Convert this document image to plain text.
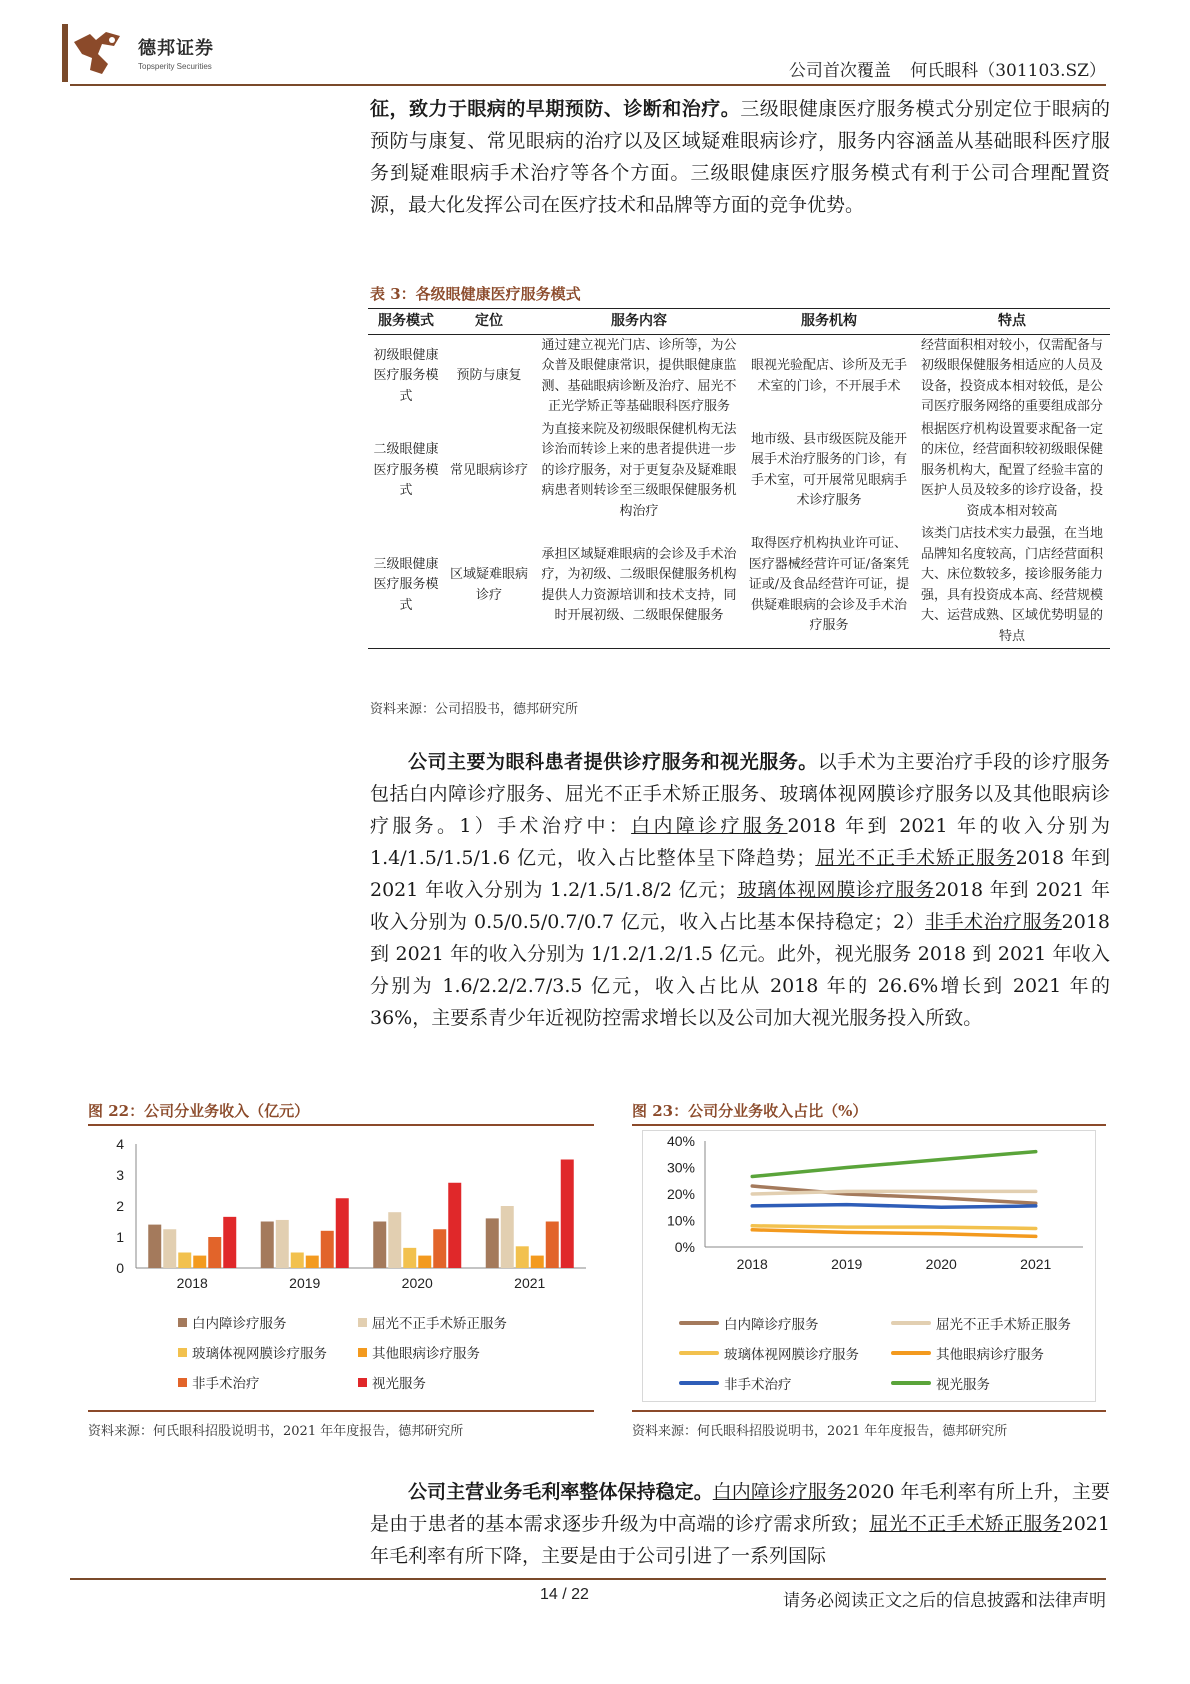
德邦证券
Topsperity Securities	公司首次覆盖 何氏眼科（301103.SZ）
征，致力于眼病的早期预防、诊断和治疗。三级眼健康医疗服务模式分别定位于眼病的预防与康复、常见眼病的治疗以及区域疑难眼病诊疗，服务内容涵盖从基础眼科医疗服务到疑难眼病手术治疗等各个方面。三级眼健康医疗服务模式有利于公司合理配置资源，最大化发挥公司在医疗技术和品牌等方面的竞争优势。
表 3：各级眼健康医疗服务模式
服务模式	定位	服务内容	服务机构	特点
初级眼健康医疗服务模式	预防与康复	通过建立视光门店、诊所等，为公众普及眼健康常识，提供眼健康监测、基础眼病诊断及治疗、屈光不正光学矫正等基础眼科医疗服务	眼视光验配店、诊所及无手术室的门诊，不开展手术	经营面积相对较小，仅需配备与初级眼保健服务相适应的人员及设备，投资成本相对较低，是公司医疗服务网络的重要组成部分
二级眼健康医疗服务模式	常见眼病诊疗	为直接来院及初级眼保健机构无法诊治而转诊上来的患者提供进一步的诊疗服务，对于更复杂及疑难眼病患者则转诊至三级眼保健服务机构治疗	地市级、县市级医院及能开展手术治疗服务的门诊，有手术室，可开展常见眼病手术诊疗服务	根据医疗机构设置要求配备一定的床位，经营面积较初级眼保健服务机构大，配置了经验丰富的医护人员及较多的诊疗设备，投资成本相对较高
三级眼健康医疗服务模式	区域疑难眼病诊疗	承担区域疑难眼病的会诊及手术治疗，为初级、二级眼保健服务机构提供人力资源培训和技术支持，同时开展初级、二级眼保健服务	取得医疗机构执业许可证、医疗器械经营许可证/备案凭证或/及食品经营许可证，提供疑难眼病的会诊及手术治疗服务	该类门店技术实力最强，在当地品牌知名度较高，门店经营面积大、床位数较多，接诊服务能力强，具有投资成本高、经营规模大、运营成熟、区域优势明显的特点
资料来源：公司招股书，德邦研究所
公司主要为眼科患者提供诊疗服务和视光服务。以手术为主要治疗手段的诊疗服务包括白内障诊疗服务、屈光不正手术矫正服务、玻璃体视网膜诊疗服务以及其他眼病诊疗服务。1）手术治疗中：白内障诊疗服务2018 年到 2021 年的收入分别为 1.4/1.5/1.5/1.6 亿元，收入占比整体呈下降趋势；屈光不正手术矫正服务2018 年到 2021 年收入分别为 1.2/1.5/1.8/2 亿元；玻璃体视网膜诊疗服务2018 年到 2021 年收入分别为 0.5/0.5/0.7/0.7 亿元，收入占比基本保持稳定；2）非手术治疗服务2018 到 2021 年的收入分别为 1/1.2/1.2/1.5 亿元。此外，视光服务 2018 到 2021 年收入分别为 1.6/2.2/2.7/3.5 亿元，收入占比从 2018 年的 26.6%增长到 2021 年的 36%，主要系青少年近视防控需求增长以及公司加大视光服务投入所致。
图 22：公司分业务收入（亿元）
0
1
2
3
4
2018	2019	2020	2021
白内障诊疗服务	屈光不正手术矫正服务
玻璃体视网膜诊疗服务	其他眼病诊疗服务
非手术治疗	视光服务
资料来源：何氏眼科招股说明书，2021 年年度报告，德邦研究所
图 23：公司分业务收入占比（%）
0%
10%
20%
30%
40%
2018	2019	2020	2021
白内障诊疗服务	屈光不正手术矫正服务
玻璃体视网膜诊疗服务	其他眼病诊疗服务
非手术治疗	视光服务
资料来源：何氏眼科招股说明书，2021 年年度报告，德邦研究所
公司主营业务毛利率整体保持稳定。白内障诊疗服务2020 年毛利率有所上升，主要是由于患者的基本需求逐步升级为中高端的诊疗需求所致；屈光不正手术矫正服务2021 年毛利率有所下降，主要是由于公司引进了一系列国际
14 / 22	请务必阅读正文之后的信息披露和法律声明
